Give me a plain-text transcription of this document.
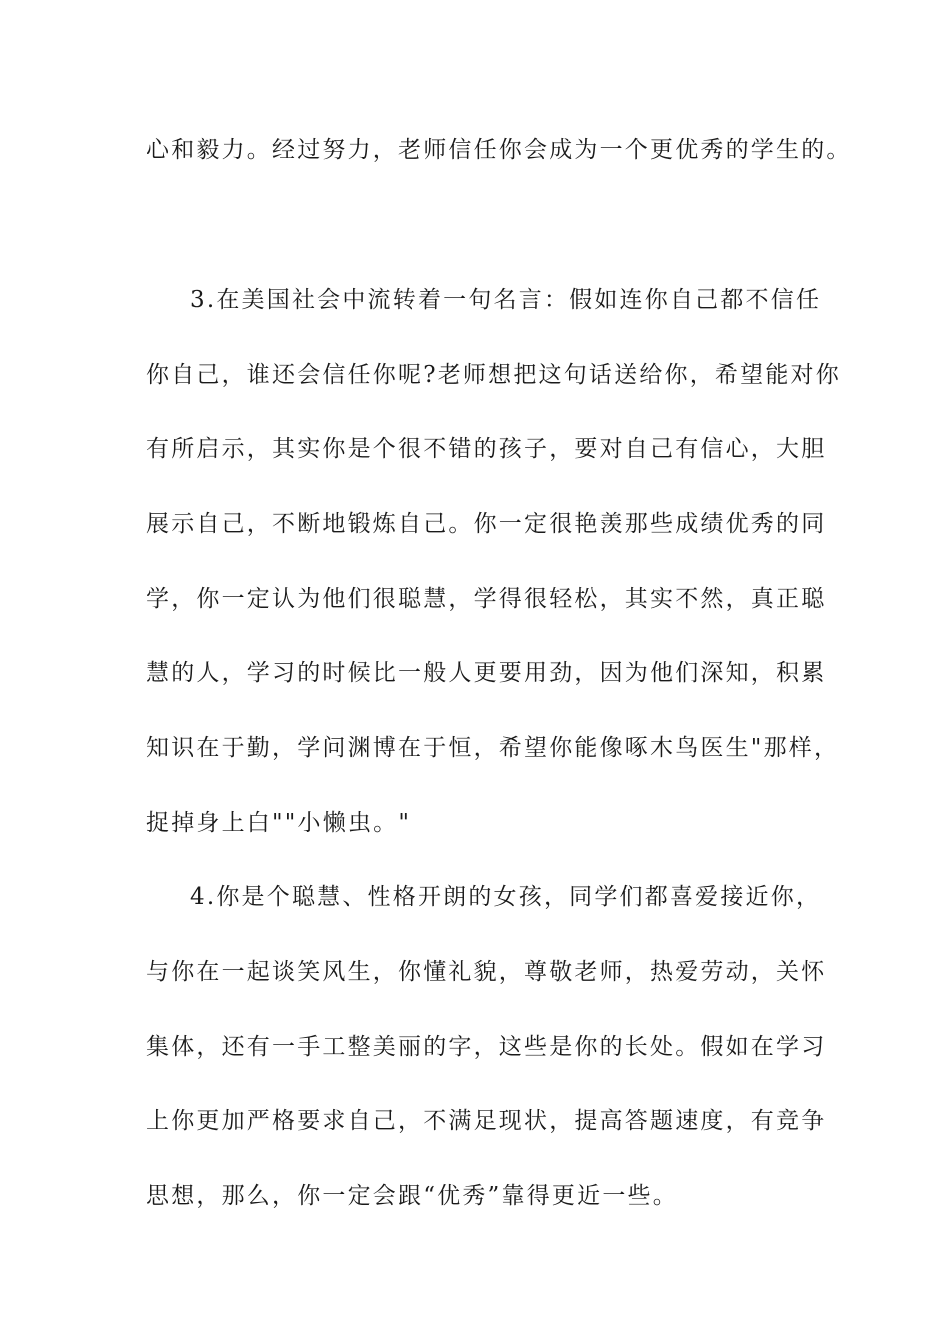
心和毅力。经过努力，老师信任你会成为一个更优秀的学生的。
3.在美国社会中流转着一句名言：假如连你自己都不信任
你自己，谁还会信任你呢?老师想把这句话送给你，希望能对你
有所启示，其实你是个很不错的孩子，要对自己有信心，大胆
展示自己，不断地锻炼自己。你一定很艳羡那些成绩优秀的同
学，你一定认为他们很聪慧，学得很轻松，其实不然，真正聪
慧的人，学习的时候比一般人更要用劲，因为他们深知，积累
知识在于勤，学问渊博在于恒，希望你能像啄木鸟医生"那样，
捉掉身上白""小懒虫。"
4.你是个聪慧、性格开朗的女孩，同学们都喜爱接近你，
与你在一起谈笑风生，你懂礼貌，尊敬老师，热爱劳动，关怀
集体，还有一手工整美丽的字，这些是你的长处。假如在学习
上你更加严格要求自己，不满足现状，提高答题速度，有竞争
思想，那么，你一定会跟“优秀”靠得更近一些。
